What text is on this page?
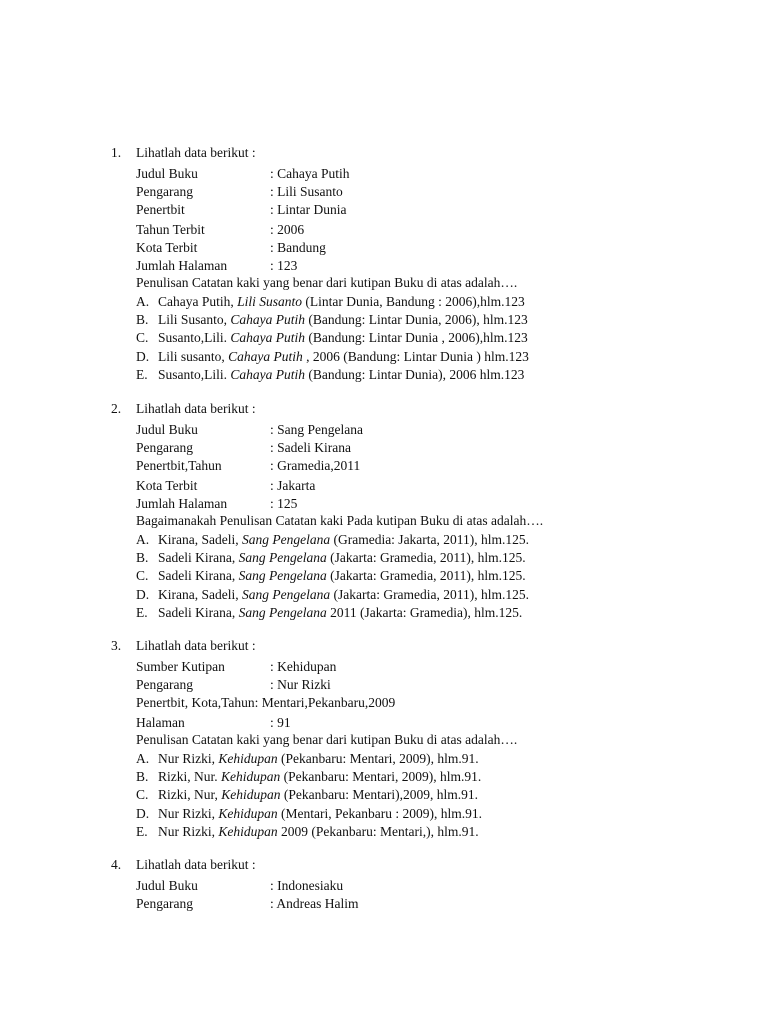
1. Lihatlah data berikut :
Judul Buku	: Cahaya Putih
Pengarang	: Lili Susanto
Penertbit	: Lintar Dunia
Tahun Terbit	: 2006
Kota Terbit	: Bandung
Jumlah Halaman	: 123
Penulisan Catatan kaki yang benar dari kutipan Buku di atas adalah….
A. Cahaya Putih, Lili Susanto (Lintar Dunia, Bandung : 2006),hlm.123
B. Lili Susanto, Cahaya Putih (Bandung: Lintar Dunia, 2006), hlm.123
C. Susanto,Lili. Cahaya Putih (Bandung: Lintar Dunia , 2006),hlm.123
D. Lili susanto, Cahaya Putih , 2006 (Bandung: Lintar Dunia ) hlm.123
E. Susanto,Lili. Cahaya Putih (Bandung: Lintar Dunia), 2006 hlm.123
2. Lihatlah data berikut :
Judul Buku	: Sang Pengelana
Pengarang	: Sadeli Kirana
Penertbit,Tahun	: Gramedia,2011
Kota Terbit	: Jakarta
Jumlah Halaman	: 125
Bagaimanakah Penulisan Catatan kaki Pada kutipan Buku di atas adalah….
A. Kirana, Sadeli, Sang Pengelana (Gramedia: Jakarta, 2011), hlm.125.
B. Sadeli Kirana, Sang Pengelana (Jakarta: Gramedia, 2011), hlm.125.
C. Sadeli Kirana, Sang Pengelana (Jakarta: Gramedia, 2011), hlm.125.
D. Kirana, Sadeli, Sang Pengelana (Jakarta: Gramedia, 2011), hlm.125.
E. Sadeli Kirana, Sang Pengelana 2011 (Jakarta: Gramedia), hlm.125.
3. Lihatlah data berikut :
Sumber Kutipan	: Kehidupan
Pengarang	: Nur Rizki
Penertbit, Kota,Tahun: Mentari,Pekanbaru,2009
Halaman	: 91
Penulisan Catatan kaki yang benar dari kutipan Buku di atas adalah….
A. Nur Rizki, Kehidupan (Pekanbaru: Mentari, 2009), hlm.91.
B. Rizki, Nur. Kehidupan (Pekanbaru: Mentari, 2009), hlm.91.
C. Rizki, Nur, Kehidupan (Pekanbaru: Mentari),2009, hlm.91.
D. Nur Rizki, Kehidupan (Mentari, Pekanbaru : 2009), hlm.91.
E. Nur Rizki, Kehidupan 2009 (Pekanbaru: Mentari,), hlm.91.
4. Lihatlah data berikut :
Judul Buku	: Indonesiaku
Pengarang	: Andreas Halim
